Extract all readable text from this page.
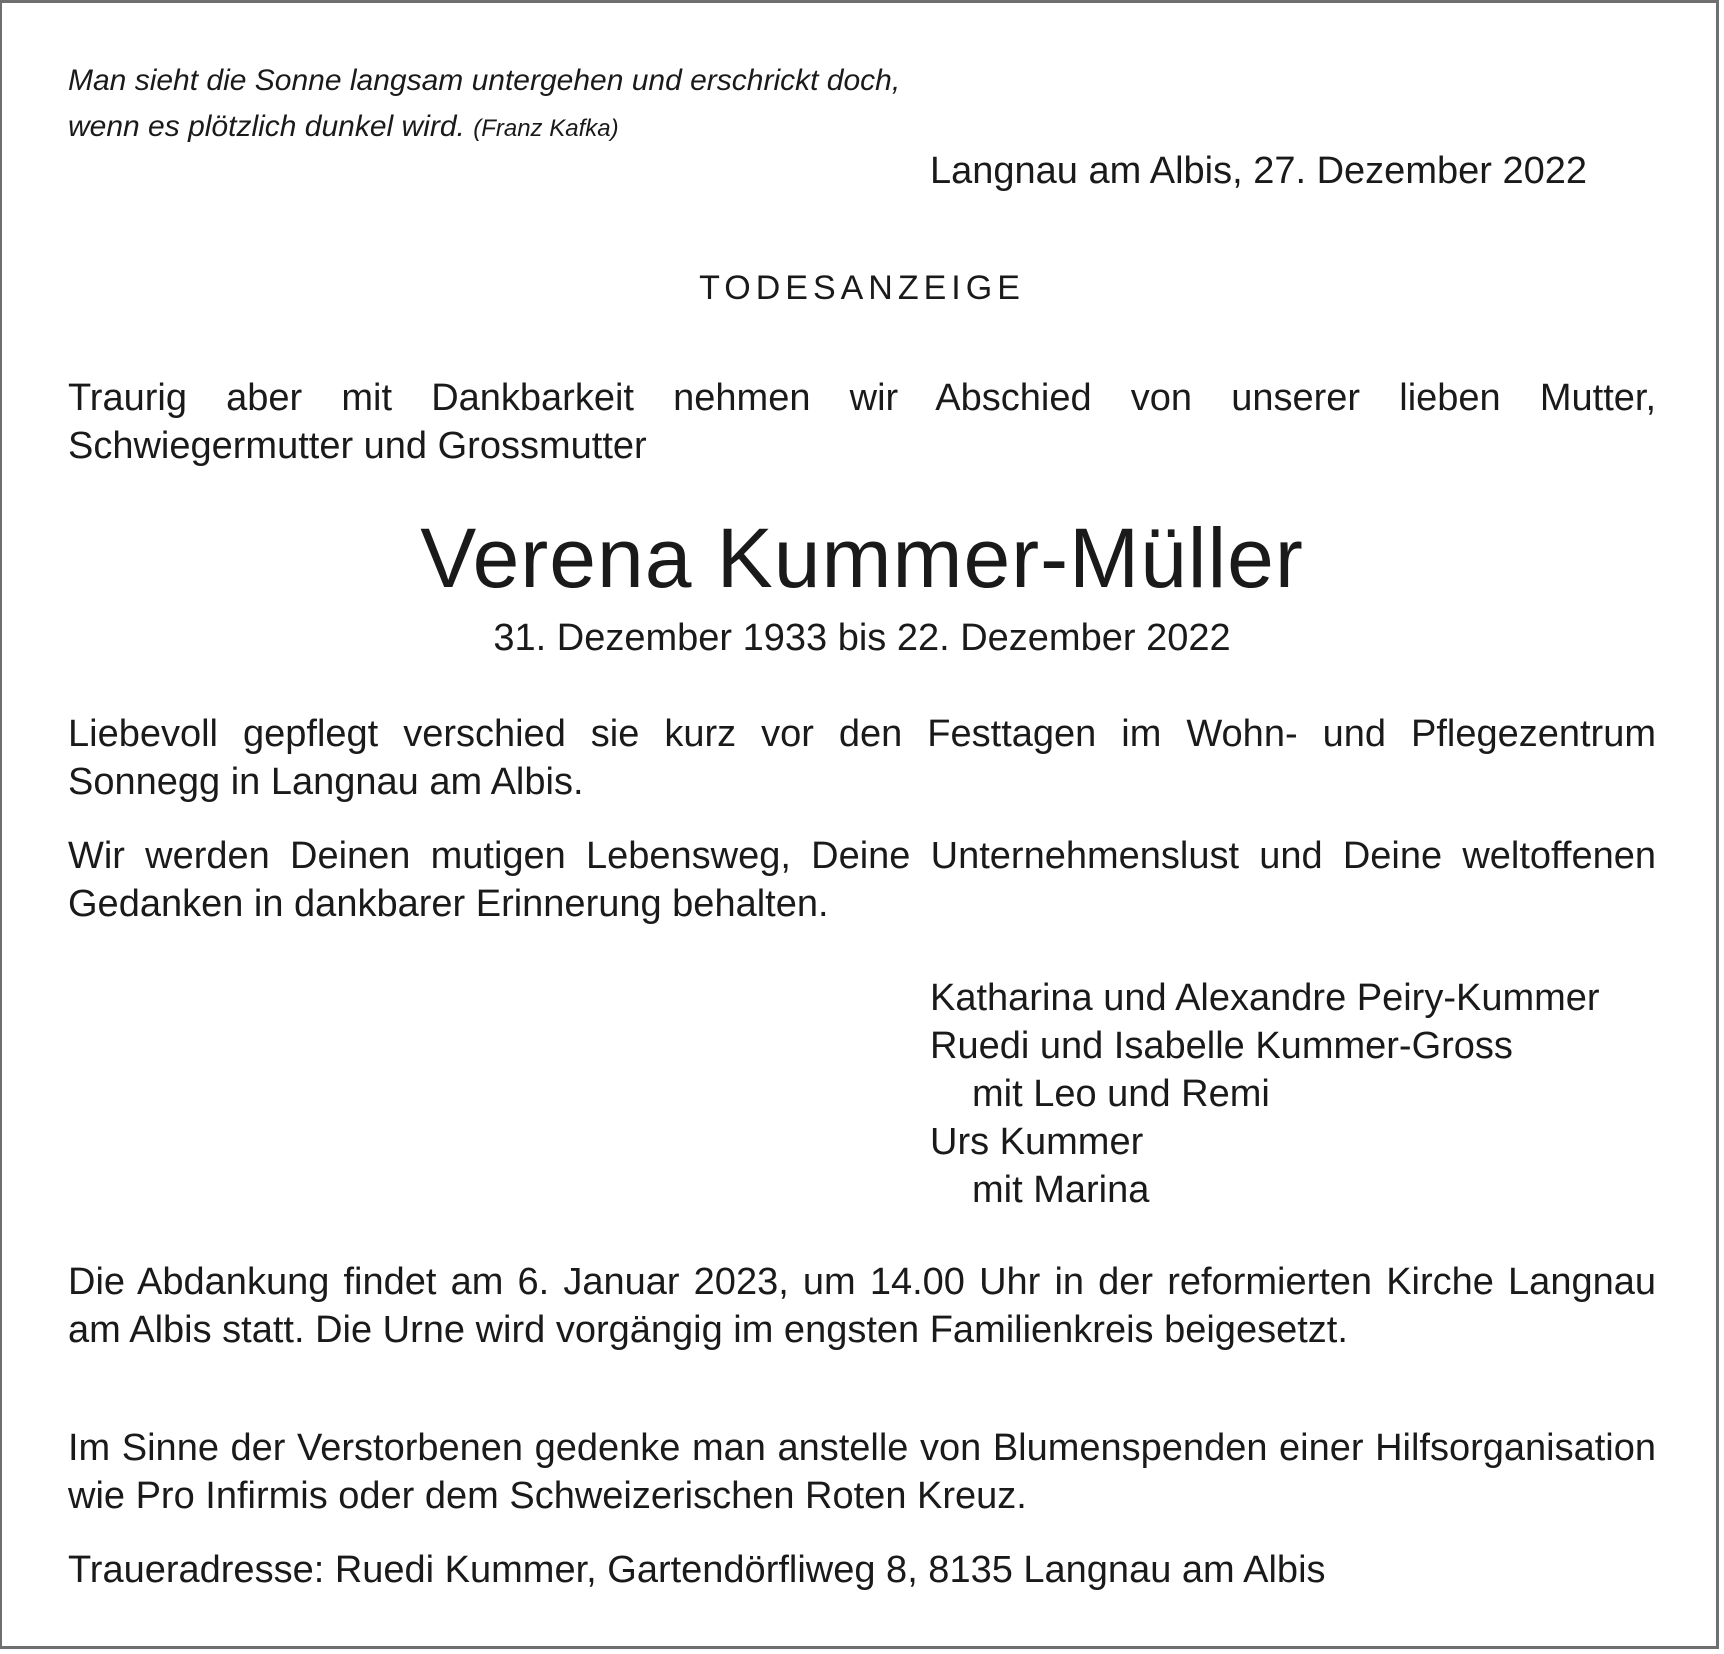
Man sieht die Sonne langsam untergehen und erschrickt doch,
wenn es plötzlich dunkel wird. (Franz Kafka)
Langnau am Albis, 27. Dezember 2022
TODESANZEIGE

Traurig aber mit Dankbarkeit nehmen wir Abschied von unserer lieben Mutter, Schwiegermutter und Grossmutter

Verena Kummer-Müller
31. Dezember 1933 bis 22. Dezember 2022

Liebevoll gepflegt verschied sie kurz vor den Festtagen im Wohn- und Pflegezentrum Sonnegg in Langnau am Albis.

Wir werden Deinen mutigen Lebensweg, Deine Unternehmenslust und Deine weltoffenen Gedanken in dankbarer Erinnerung behalten.

Katharina und Alexandre Peiry-Kummer
Ruedi und Isabelle Kummer-Gross
mit Leo und Remi
Urs Kummer
mit Marina

Die Abdankung findet am 6. Januar 2023, um 14.00 Uhr in der reformierten Kirche Langnau am Albis statt. Die Urne wird vorgängig im engsten Familienkreis beigesetzt.

Im Sinne der Verstorbenen gedenke man anstelle von Blumenspenden einer Hilfsorganisation wie Pro Infirmis oder dem Schweizerischen Roten Kreuz.

Traueradresse: Ruedi Kummer, Gartendörfliweg 8, 8135 Langnau am Albis
